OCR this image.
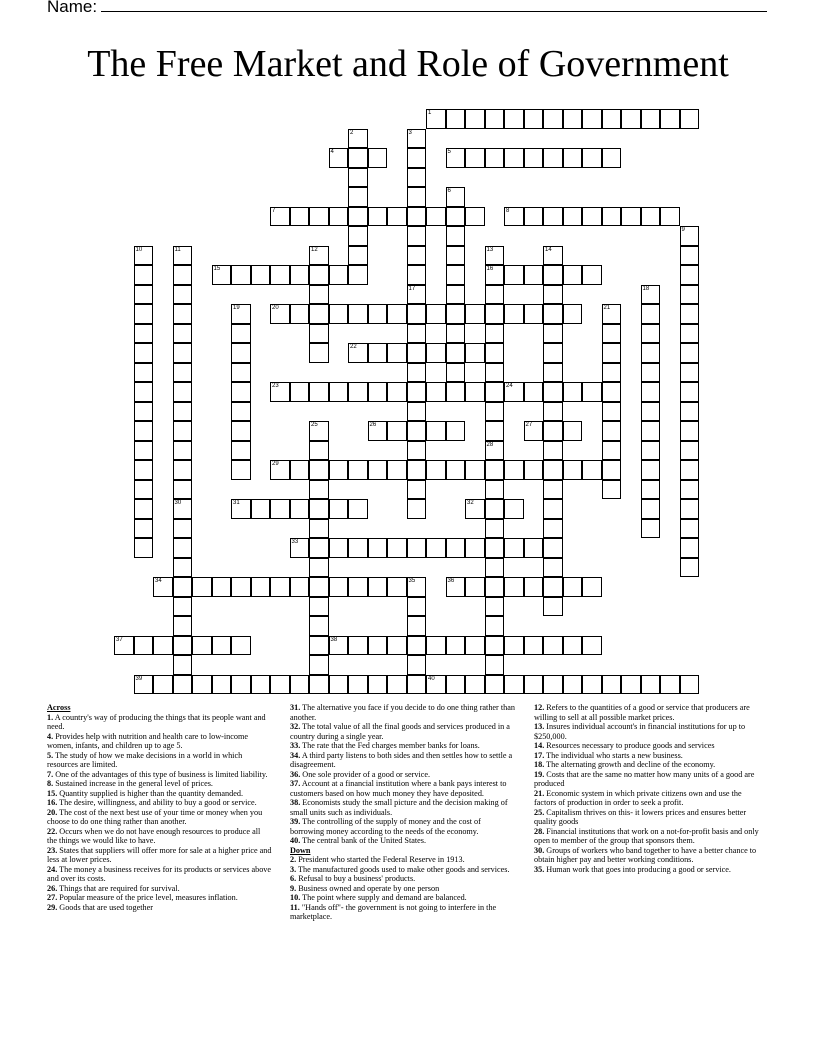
Name:
The Free Market and Role of Government
1
2	3
4	5
6
7	8
9
10	11
30
12	13
16
28
14
15
17	18
19	20	21
22
23	24
25	26	27
29
31	32
33
34	35	36
37	38
39	40

Across

1. A country's way of producing the things that its people want and need.

4. Provides help with nutrition and health care to low-income women, infants, and children up to age 5.

5. The study of how we make decisions in a world in which resources are limited.

7. One of the advantages of this type of business is limited liability.

8. Sustained increase in the general level of prices.

15. Quantity supplied is higher than the quantity demanded.

16. The desire, willingness, and ability to buy a good or service.

20. The cost of the next best use of your time or money when you choose to do one thing rather than another.

22. Occurs when we do not have enough resources to produce all the things we would like to have.

23. States that suppliers will offer more for sale at a higher price and less at lower prices.

24. The money a business receives for its products or services above and over its costs.

26. Things that are required for survival.

27. Popular measure of the price level, measures inflation.

29. Goods that are used together

31. The alternative you face if you decide to do one thing rather than another.

32. The total value of all the final goods and services produced in a country during a single year.

33. The rate that the Fed charges member banks for loans.

34. A third party listens to both sides and then settles how to settle a disagreement.

36. One sole provider of a good or service.

37. Account at a financial institution where a bank pays interest to customers based on how much money they have deposited.

38. Economists study the small picture and the decision making of small units such as individuals.

39. The controlling of the supply of money and the cost of borrowing money according to the needs of the economy.

40. The central bank of the United States.

Down

2. President who started the Federal Reserve in 1913.

3. The manufactured goods used to make other goods and services.

6. Refusal to buy a business' products.

9. Business owned and operate by one person

10. The point where supply and demand are balanced.

11. "Hands off"- the government is not going to interfere in the marketplace.

12. Refers to the quantities of a good or service that producers are willing to sell at all possible market prices.

13. Insures individual account's in financial institutions for up to $250,000.

14. Resources necessary to produce goods and services

17. The individual who starts a new business.

18. The alternating growth and decline of the economy.

19. Costs that are the same no matter how many units of a good are produced

21. Economic system in which private citizens own and use the factors of production in order to seek a profit.

25. Capitalism thrives on this- it lowers prices and ensures better quality goods

28. Financial institutions that work on a not-for-profit basis and only open to member of the group that sponsors them.

30. Groups of workers who band together to have a better chance to obtain higher pay and better working conditions.

35. Human work that goes into producing a good or service.
